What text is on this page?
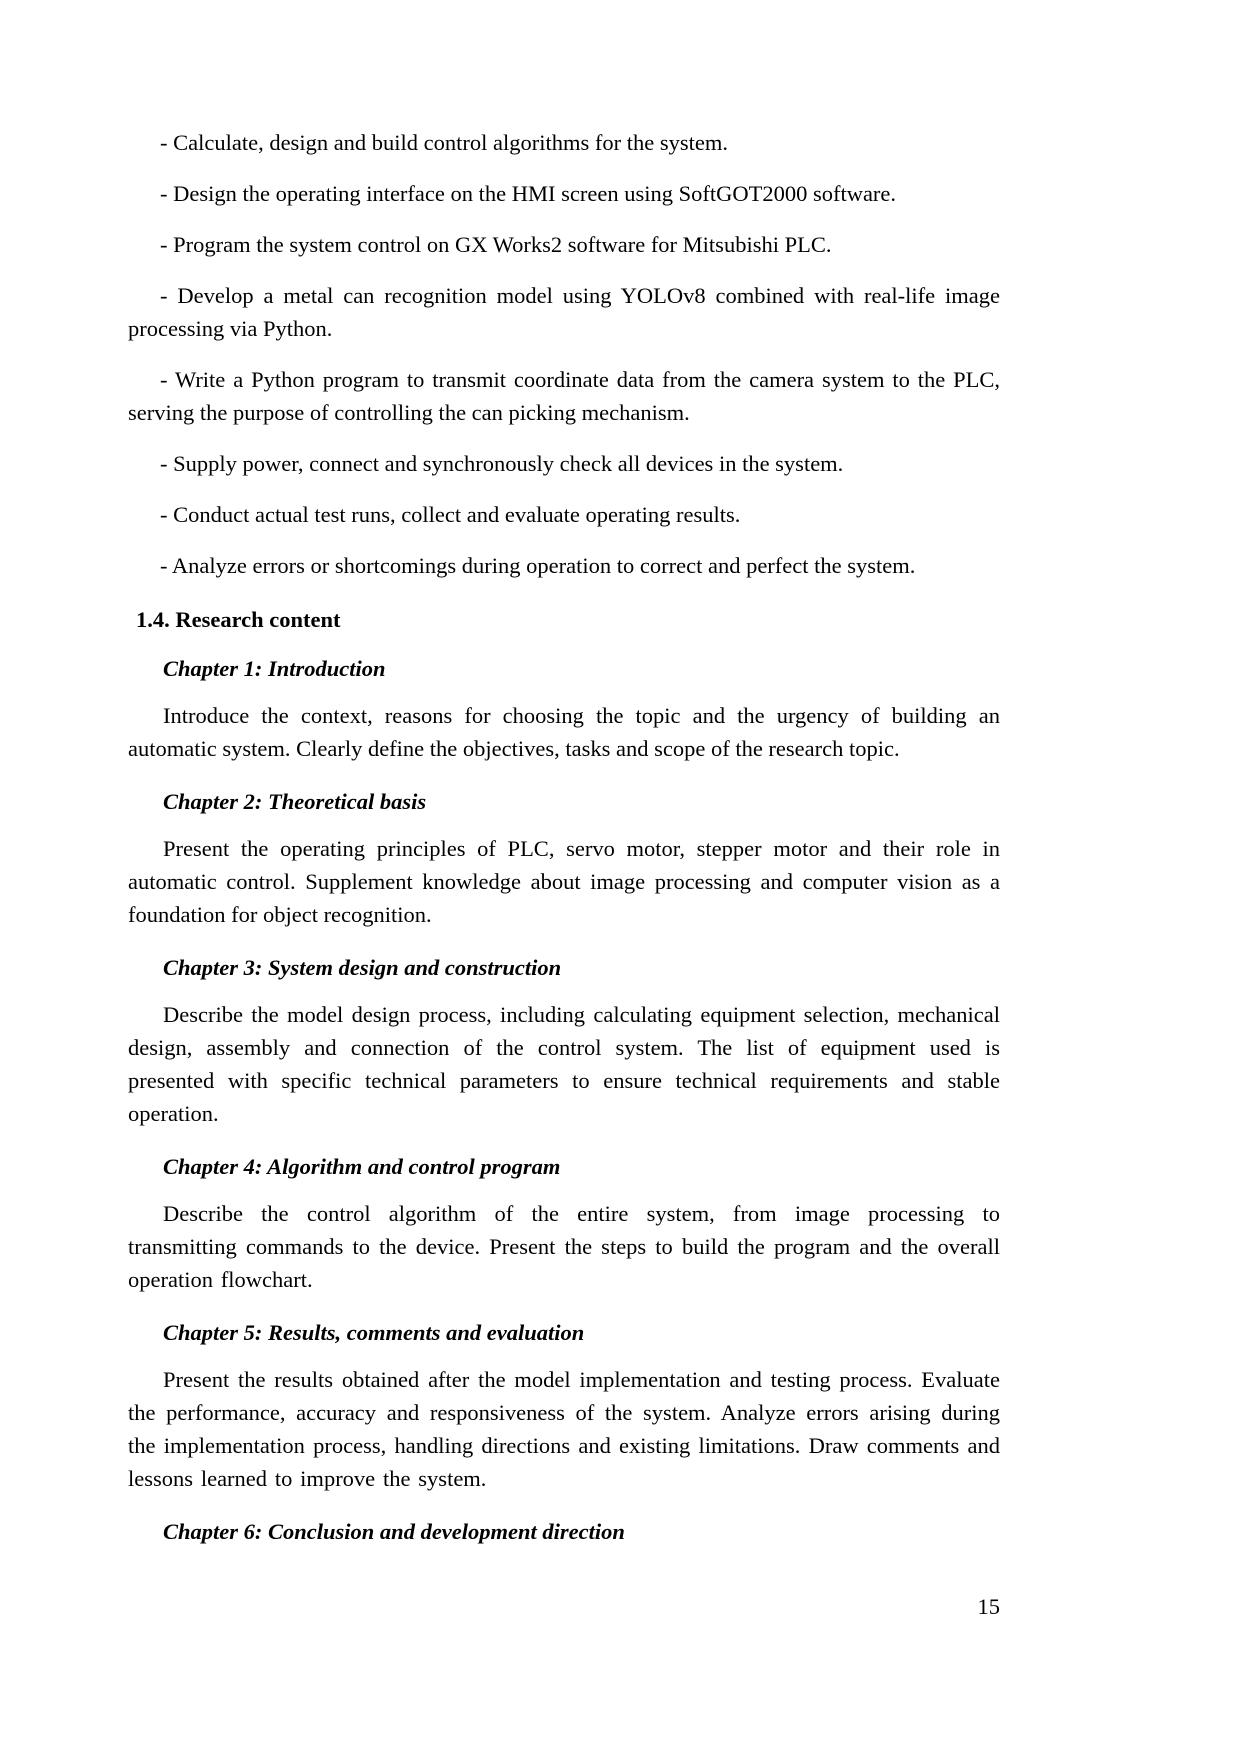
- Calculate, design and build control algorithms for the system.

- Design the operating interface on the HMI screen using SoftGOT2000 software.

- Program the system control on GX Works2 software for Mitsubishi PLC.

- Develop a metal can recognition model using YOLOv8 combined with real-life image processing via Python.

- Write a Python program to transmit coordinate data from the camera system to the PLC, serving the purpose of controlling the can picking mechanism.

- Supply power, connect and synchronously check all devices in the system.

- Conduct actual test runs, collect and evaluate operating results.

- Analyze errors or shortcomings during operation to correct and perfect the system.

1.4. Research content
Chapter 1: Introduction

Introduce the context, reasons for choosing the topic and the urgency of building an automatic system. Clearly define the objectives, tasks and scope of the research topic.

Chapter 2: Theoretical basis

Present the operating principles of PLC, servo motor, stepper motor and their role in automatic control. Supplement knowledge about image processing and computer vision as a foundation for object recognition.

Chapter 3: System design and construction

Describe the model design process, including calculating equipment selection, mechanical design, assembly and connection of the control system. The list of equipment used is presented with specific technical parameters to ensure technical requirements and stable operation.

Chapter 4: Algorithm and control program

Describe the control algorithm of the entire system, from image processing to transmitting commands to the device. Present the steps to build the program and the overall operation flowchart.

Chapter 5: Results, comments and evaluation

Present the results obtained after the model implementation and testing process. Evaluate the performance, accuracy and responsiveness of the system. Analyze errors arising during the implementation process, handling directions and existing limitations. Draw comments and lessons learned to improve the system.

Chapter 6: Conclusion and development direction
15
